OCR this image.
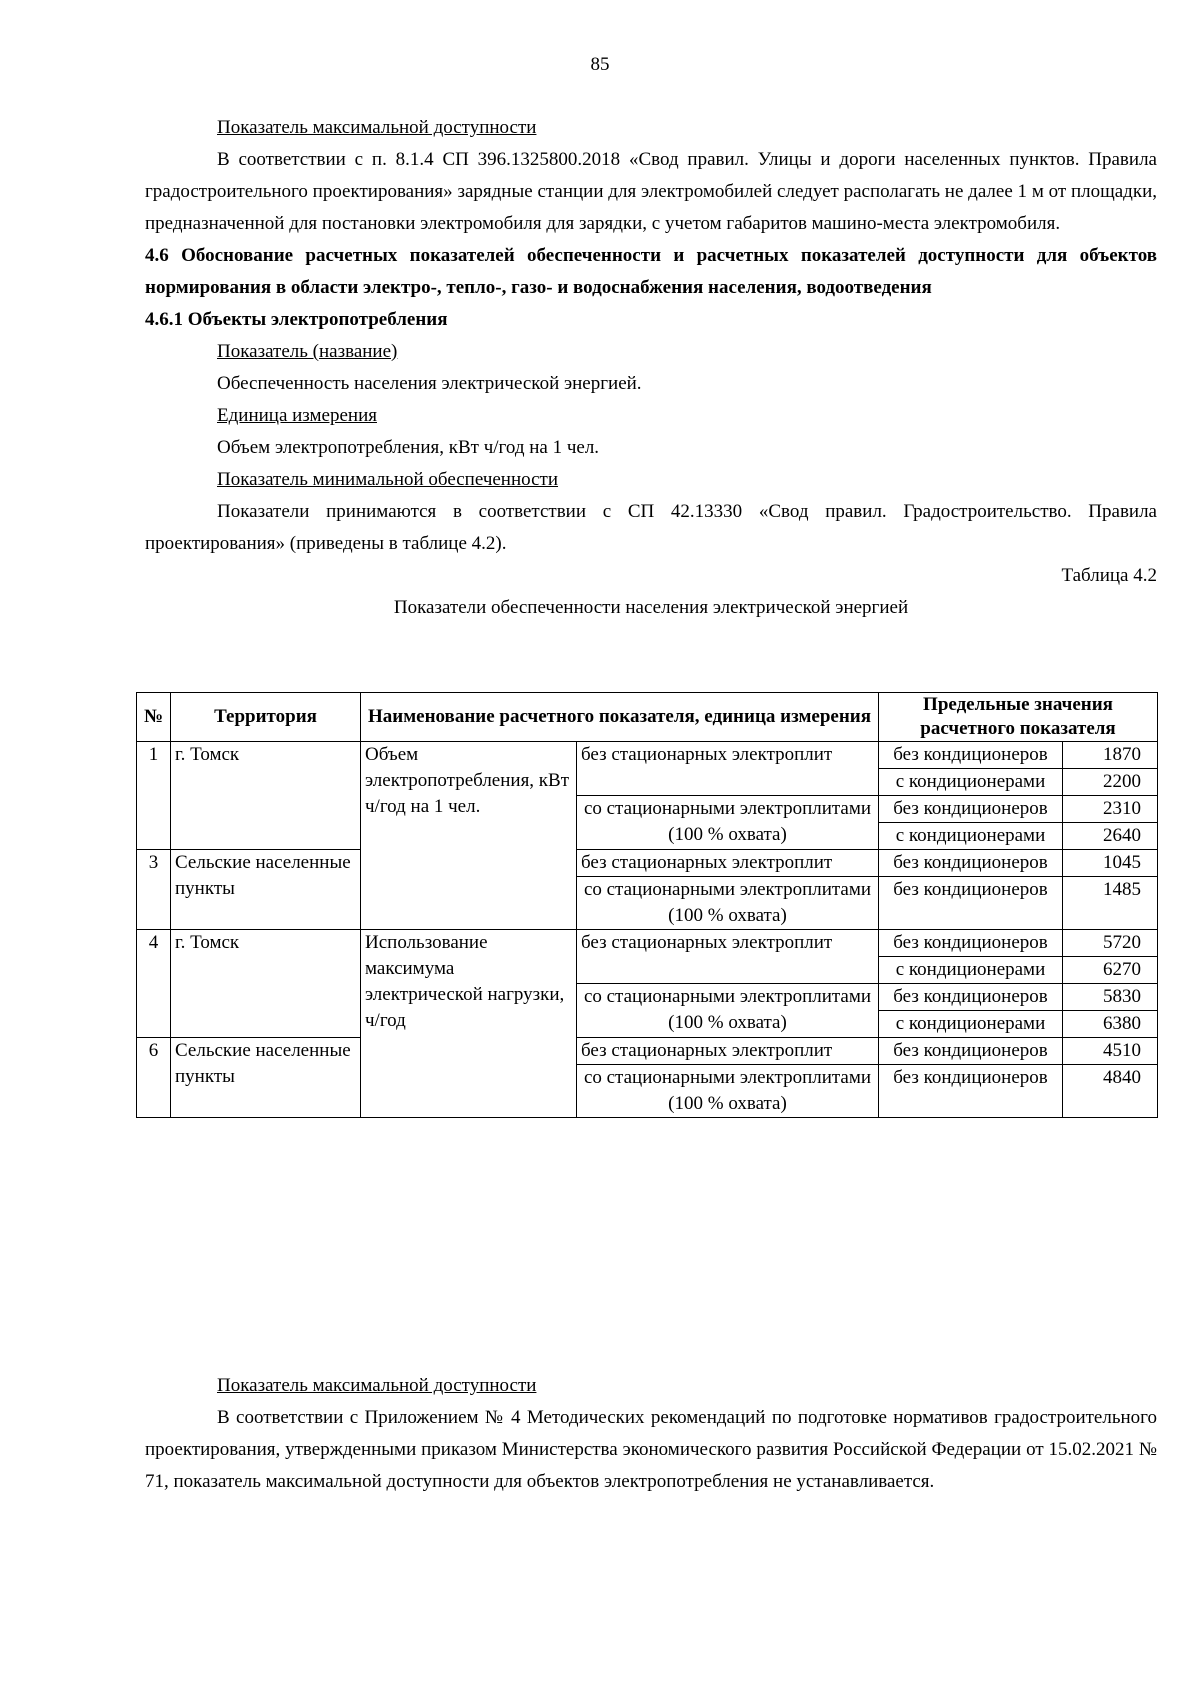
85

Показатель максимальной доступности

В соответствии с п. 8.1.4 СП 396.1325800.2018 «Свод правил. Улицы и дороги населенных пунктов. Правила градостроительного проектирования» зарядные станции для электромобилей следует располагать не далее 1 м от площадки, предназначенной для постановки электромобиля для зарядки, с учетом габаритов машино-места электромобиля.

4.6 Обоснование расчетных показателей обеспеченности и расчетных показателей доступности для объектов нормирования в области электро-, тепло-, газо- и водоснабжения населения, водоотведения

4.6.1 Объекты электропотребления

Показатель (название)

Обеспеченность населения электрической энергией.

Единица измерения

Объем электропотребления, кВт ч/год на 1 чел.

Показатель минимальной обеспеченности

Показатели принимаются в соответствии с СП 42.13330 «Свод правил. Градостроительство. Правила проектирования» (приведены в таблице 4.2).

Таблица 4.2

Показатели обеспеченности населения электрической энергией

№	Территория	Наименование расчетного показателя, единица измерения		Предельные значения расчетного показателя	
1	г. Томск	Объем электропотребления, кВт ч/год на 1 чел.	без стационарных электроплит	без кондиционеров	1870
				с кондиционерами	2200
			со стационарными электроплитами (100 % охвата)	без кондиционеров	2310
				с кондиционерами	2640
3	Сельские населенные пункты		без стационарных электроплит	без кондиционеров	1045
			со стационарными электроплитами (100 % охвата)	без кондиционеров	1485
4	г. Томск	Использование максимума электрической нагрузки, ч/год	без стационарных электроплит	без кондиционеров	5720
				с кондиционерами	6270
			со стационарными электроплитами (100 % охвата)	без кондиционеров	5830
				с кондиционерами	6380
6	Сельские населенные пункты		без стационарных электроплит	без кондиционеров	4510
			со стационарными электроплитами (100 % охвата)	без кондиционеров	4840

Показатель максимальной доступности

В соответствии с Приложением № 4 Методических рекомендаций по подготовке нормативов градостроительного проектирования, утвержденными приказом Министерства экономического развития Российской Федерации от 15.02.2021 № 71, показатель максимальной доступности для объектов электропотребления не устанавливается.
